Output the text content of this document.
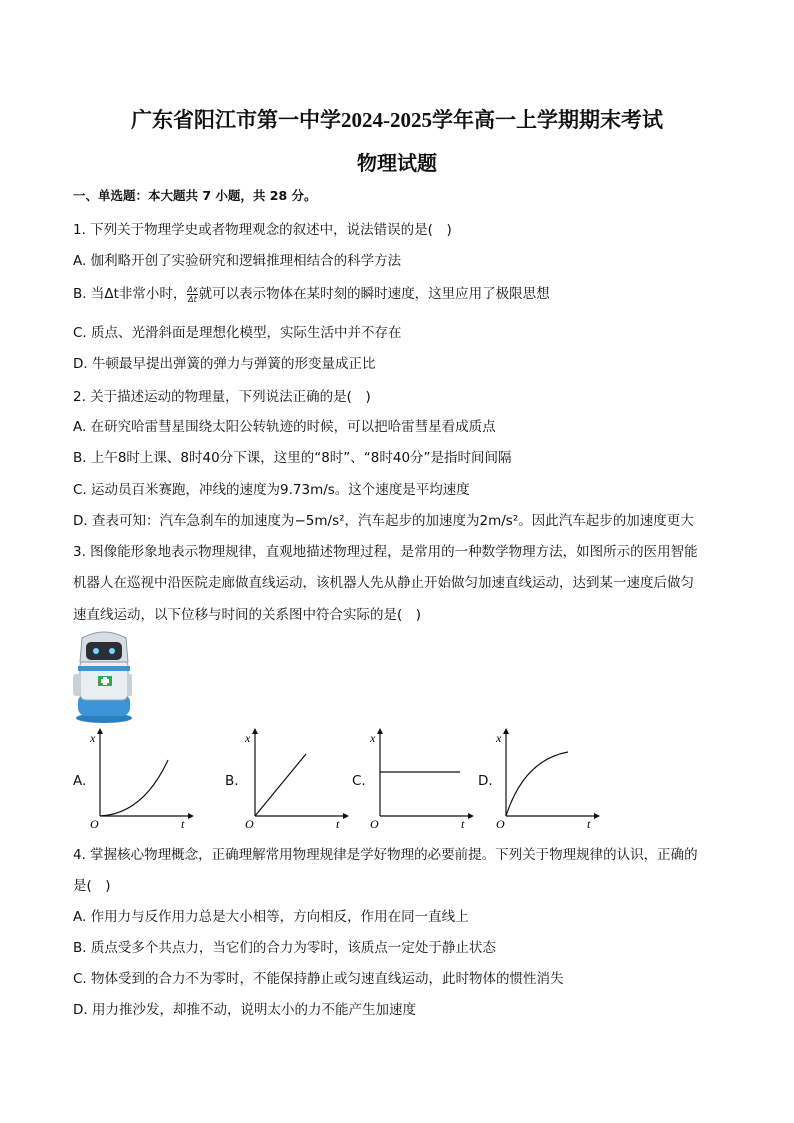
广东省阳江市第一中学2024-2025学年高一上学期期末考试
物理试题
一、单选题：本大题共 7 小题，共 28 分。
1. 下列关于物理学史或者物理观念的叙述中，说法错误的是(　)
A. 伽利略开创了实验研究和逻辑推理相结合的科学方法
B. 当Δt非常小时， $\frac{\Delta x}{\Delta t}$ 就可以表示物体在某时刻的瞬时速度，这里应用了极限思想
C. 质点、光滑斜面是理想化模型，实际生活中并不存在
D. 牛顿最早提出弹簧的弹力与弹簧的形变量成正比
2. 关于描述运动的物理量，下列说法正确的是(　)
A. 在研究哈雷彗星围绕太阳公转轨迹的时候，可以把哈雷彗星看成质点
B. 上午8时上课、8时40分下课，这里的“8时”、“8时40分”是指时间间隔
C. 运动员百米赛跑，冲线的速度为9.73m/s。这个速度是平均速度
D. 查表可知：汽车急刹车的加速度为−5m/s²，汽车起步的加速度为2m/s²。因此汽车起步的加速度更大
3. 图像能形象地表示物理规律，直观地描述物理过程，是常用的一种数学物理方法，如图所示的医用智能
机器人在巡视中沿医院走廊做直线运动，该机器人先从静止开始做匀加速直线运动，达到某一速度后做匀
速直线运动，以下位移与时间的关系图中符合实际的是(　)
A.
x
O	t
B.
x
O	t
C.
x
O	t
D.
x
O	t
4. 掌握核心物理概念，正确理解常用物理规律是学好物理的必要前提。下列关于物理规律的认识，正确的
是(　)
A. 作用力与反作用力总是大小相等，方向相反，作用在同一直线上
B. 质点受多个共点力，当它们的合力为零时，该质点一定处于静止状态
C. 物体受到的合力不为零时，不能保持静止或匀速直线运动，此时物体的惯性消失
D. 用力推沙发，却推不动，说明太小的力不能产生加速度
